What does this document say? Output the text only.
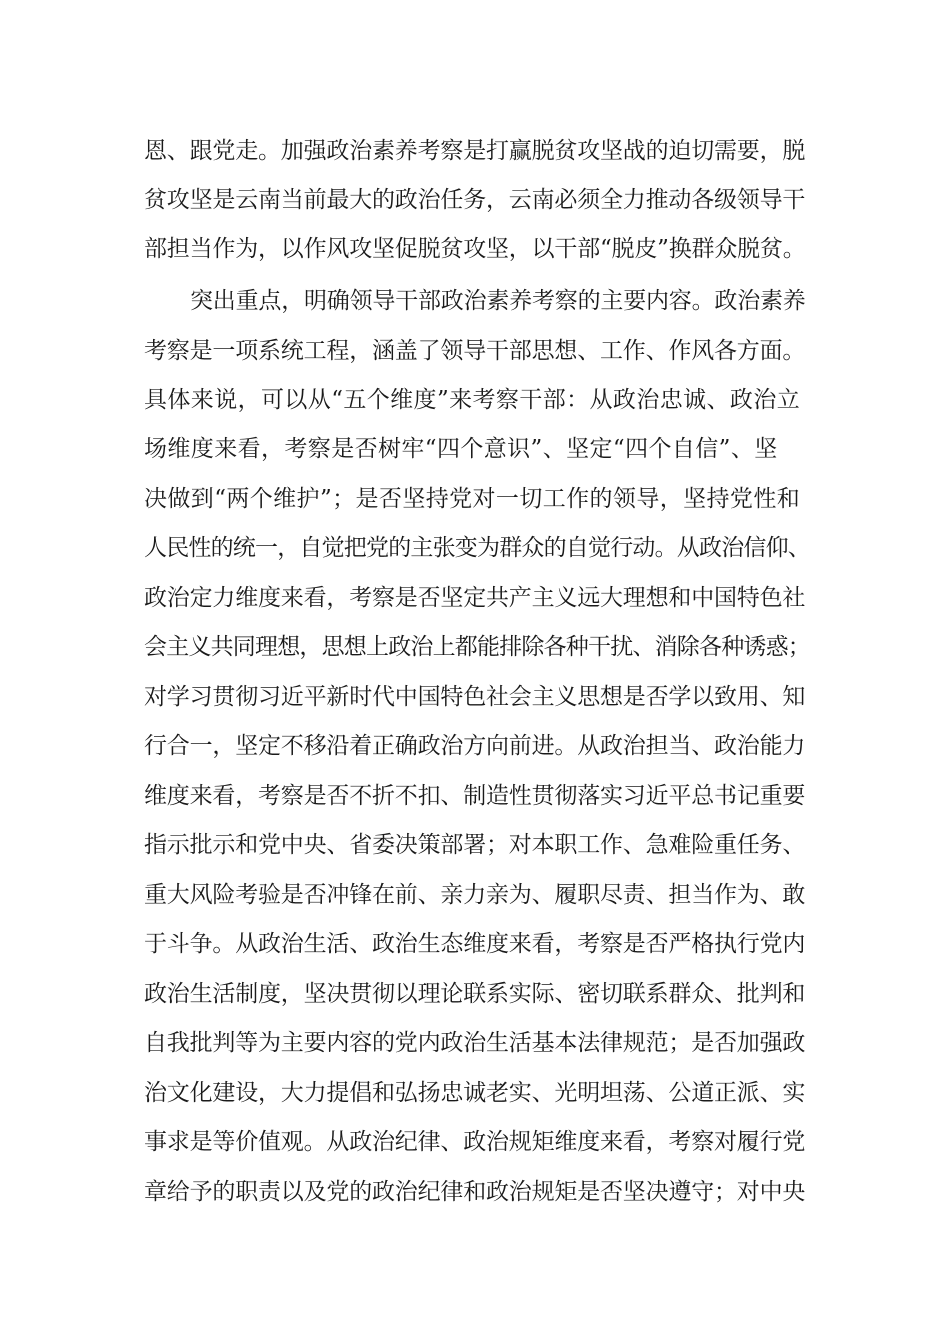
恩、跟党走。加强政治素养考察是打赢脱贫攻坚战的迫切需要，脱

贫攻坚是云南当前最大的政治任务，云南必须全力推动各级领导干

部担当作为，以作风攻坚促脱贫攻坚，以干部“脱皮”换群众脱贫。

突出重点，明确领导干部政治素养考察的主要内容。政治素养

考察是一项系统工程，涵盖了领导干部思想、工作、作风各方面。

具体来说，可以从“五个维度”来考察干部：从政治忠诚、政治立

场维度来看，考察是否树牢“四个意识”、坚定“四个自信”、坚

决做到“两个维护”；是否坚持党对一切工作的领导，坚持党性和

人民性的统一，自觉把党的主张变为群众的自觉行动。从政治信仰、

政治定力维度来看，考察是否坚定共产主义远大理想和中国特色社

会主义共同理想，思想上政治上都能排除各种干扰、消除各种诱惑；

对学习贯彻习近平新时代中国特色社会主义思想是否学以致用、知

行合一，坚定不移沿着正确政治方向前进。从政治担当、政治能力

维度来看，考察是否不折不扣、制造性贯彻落实习近平总书记重要

指示批示和党中央、省委决策部署；对本职工作、急难险重任务、

重大风险考验是否冲锋在前、亲力亲为、履职尽责、担当作为、敢

于斗争。从政治生活、政治生态维度来看，考察是否严格执行党内

政治生活制度，坚决贯彻以理论联系实际、密切联系群众、批判和

自我批判等为主要内容的党内政治生活基本法律规范；是否加强政

治文化建设，大力提倡和弘扬忠诚老实、光明坦荡、公道正派、实

事求是等价值观。从政治纪律、政治规矩维度来看，考察对履行党

章给予的职责以及党的政治纪律和政治规矩是否坚决遵守；对中央
